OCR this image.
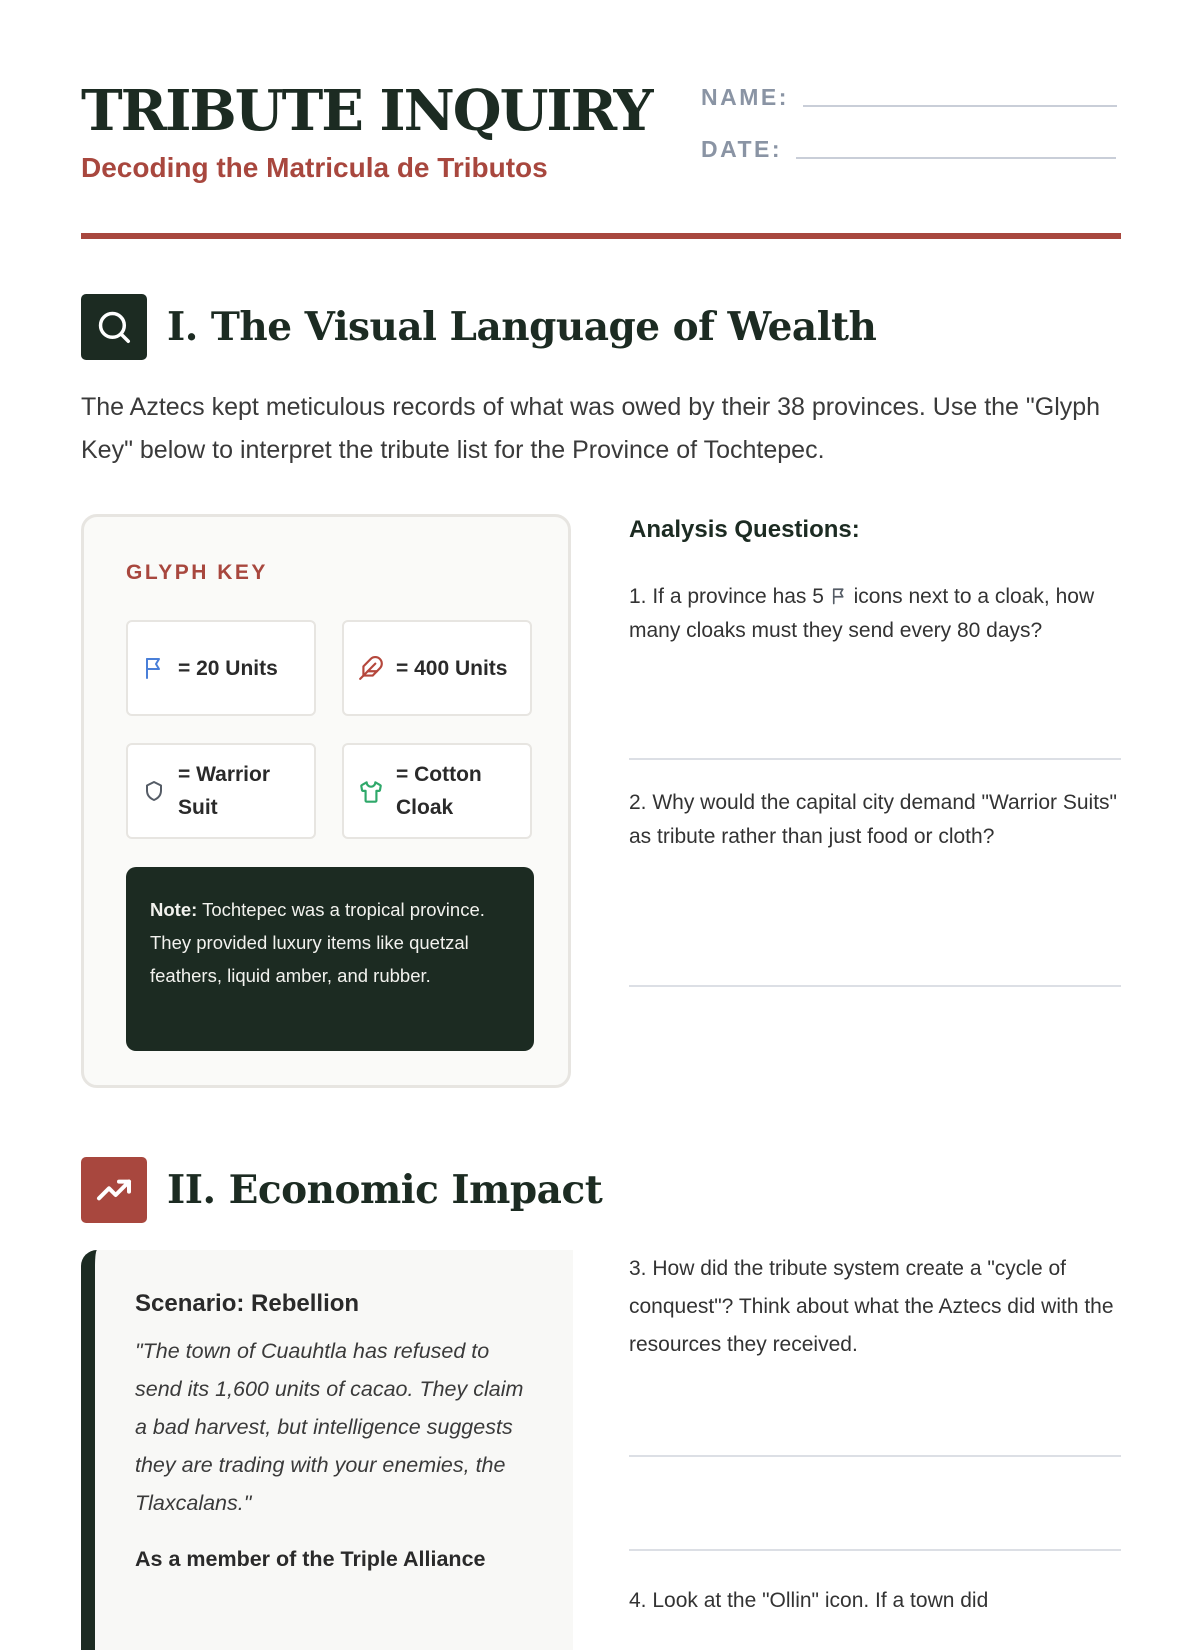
TRIBUTE INQUIRY

Decoding the Matricula de Tributos

NAME:
DATE:
I. The Visual Language of Wealth

The Aztecs kept meticulous records of what was owed by their 38 provinces. Use the "Glyph Key" below to interpret the tribute list for the Province of Tochtepec.

GLYPH KEY

= 20 Units	= 400 Units
= Warrior Suit
= Cotton Cloak
Note: Tochtepec was a tropical province. They provided luxury items like quetzal feathers, liquid amber, and rubber.

Analysis Questions:

1. If a province has 5 icons next to a cloak, how many cloaks must they send every 80 days?

2. Why would the capital city demand "Warrior Suits" as tribute rather than just food or cloth?

II. Economic Impact

Scenario: Rebellion

"The town of Cuauhtla has refused to send its 1,600 units of cacao. They claim a bad harvest, but intelligence suggests they are trading with your enemies, the Tlaxcalans."

As a member of the Triple Alliance

3. How did the tribute system create a "cycle of conquest"? Think about what the Aztecs did with the resources they received.

4. Look at the "Ollin" icon. If a town did
